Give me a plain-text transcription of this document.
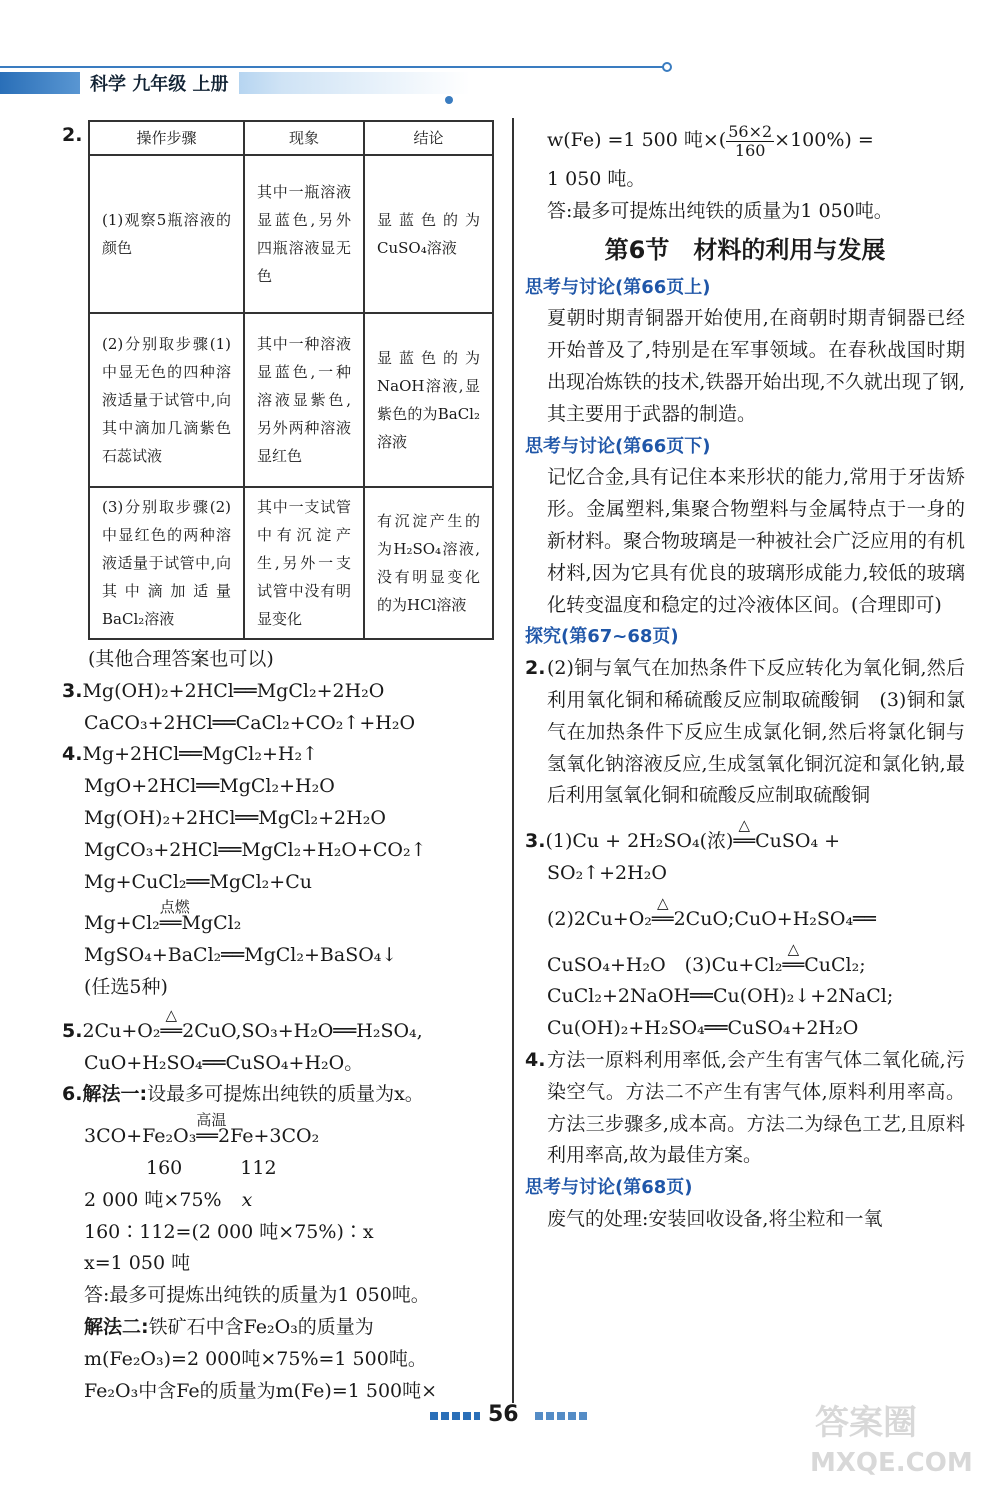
科学 九年级 上册
2.	操作步骤	现象	结论
(1)观察5瓶溶液的颜色	其中一瓶溶液显蓝色,另外四瓶溶液显无色	显蓝色的为CuSO₄溶液
(2)分别取步骤(1)中显无色的四种溶液适量于试管中,向其中滴加几滴紫色石蕊试液	其中一种溶液显蓝色,一种溶液显紫色,另外两种溶液显红色	显蓝色的为NaOH溶液,显紫色的为BaCl₂溶液
(3)分别取步骤(2)中显红色的两种溶液适量于试管中,向其中滴加适量BaCl₂溶液	其中一支试管中有沉淀产生,另外一支试管中没有明显变化	有沉淀产生的为H₂SO₄溶液,没有明显变化的为HCl溶液
(其他合理答案也可以)
3.Mg(OH)₂+2HCl══MgCl₂+2H₂O
CaCO₃+2HCl══CaCl₂+CO₂↑+H₂O
4.Mg+2HCl══MgCl₂+H₂↑
MgO+2HCl══MgCl₂+H₂O
Mg(OH)₂+2HCl══MgCl₂+2H₂O
MgCO₃+2HCl══MgCl₂+H₂O+CO₂↑
Mg+CuCl₂══MgCl₂+Cu
Mg+Cl₂
点燃
══MgCl₂
MgSO₄+BaCl₂══MgCl₂+BaSO₄↓
(任选5种)
5.2Cu+O₂
△
══2CuO,SO₃+H₂O══H₂SO₄,
CuO+H₂SO₄══CuSO₄+H₂O。
6.解法一:设最多可提炼出纯铁的质量为x。
3CO+Fe₂O₃
高温
══2Fe+3CO₂
160	112
2 000 吨×75% x
160∶112=(2 000 吨×75%)∶x
x=1 050 吨
答:最多可提炼出纯铁的质量为1 050吨。
解法二:铁矿石中含Fe₂O₃的质量为
m(Fe₂O₃)=2 000吨×75%=1 500吨。
Fe₂O₃中含Fe的质量为m(Fe)=1 500吨×
w(Fe) =1 500 吨×( $\frac{56\times 2}{160} \times 100\%$) =
1 050 吨。
答:最多可提炼出纯铁的质量为1 050吨。
第6节　材料的利用与发展
思考与讨论(第66页上)
夏朝时期青铜器开始使用,在商朝时期青铜器已经开始普及了,特别是在军事领域。在春秋战国时期出现冶炼铁的技术,铁器开始出现,不久就出现了钢,其主要用于武器的制造。
思考与讨论(第66页下)
记忆合金,具有记住本来形状的能力,常用于牙齿矫形。金属塑料,集聚合物塑料与金属特点于一身的新材料。聚合物玻璃是一种被社会广泛应用的有机材料,因为它具有优良的玻璃形成能力,较低的玻璃化转变温度和稳定的过冷液体区间。(合理即可)
探究(第67~68页)
2. (2)铜与氧气在加热条件下反应转化为氧化铜,然后利用氧化铜和稀硫酸反应制取硫酸铜　(3)铜和氯气在加热条件下反应生成氯化铜,然后将氯化铜与氢氧化钠溶液反应,生成氢氧化铜沉淀和氯化钠,最后利用氢氧化铜和硫酸反应制取硫酸铜
3.(1)Cu + 2H₂SO₄(浓)
△
══CuSO₄ +
SO₂↑+2H₂O
(2)2Cu+O₂
△
══2CuO;CuO+H₂SO₄══
CuSO₄+H₂O　(3)Cu+Cl₂
△
══CuCl₂;
CuCl₂+2NaOH══Cu(OH)₂↓+2NaCl;
Cu(OH)₂+H₂SO₄══CuSO₄+2H₂O
4. 方法一原料利用率低,会产生有害气体二氧化硫,污染空气。方法二不产生有害气体,原料利用率高。方法三步骤多,成本高。方法二为绿色工艺,且原料利用率高,故为最佳方案。
思考与讨论(第68页)
废气的处理:安装回收设备,将尘粒和一氧
56	答案圈
MXQE.COM
